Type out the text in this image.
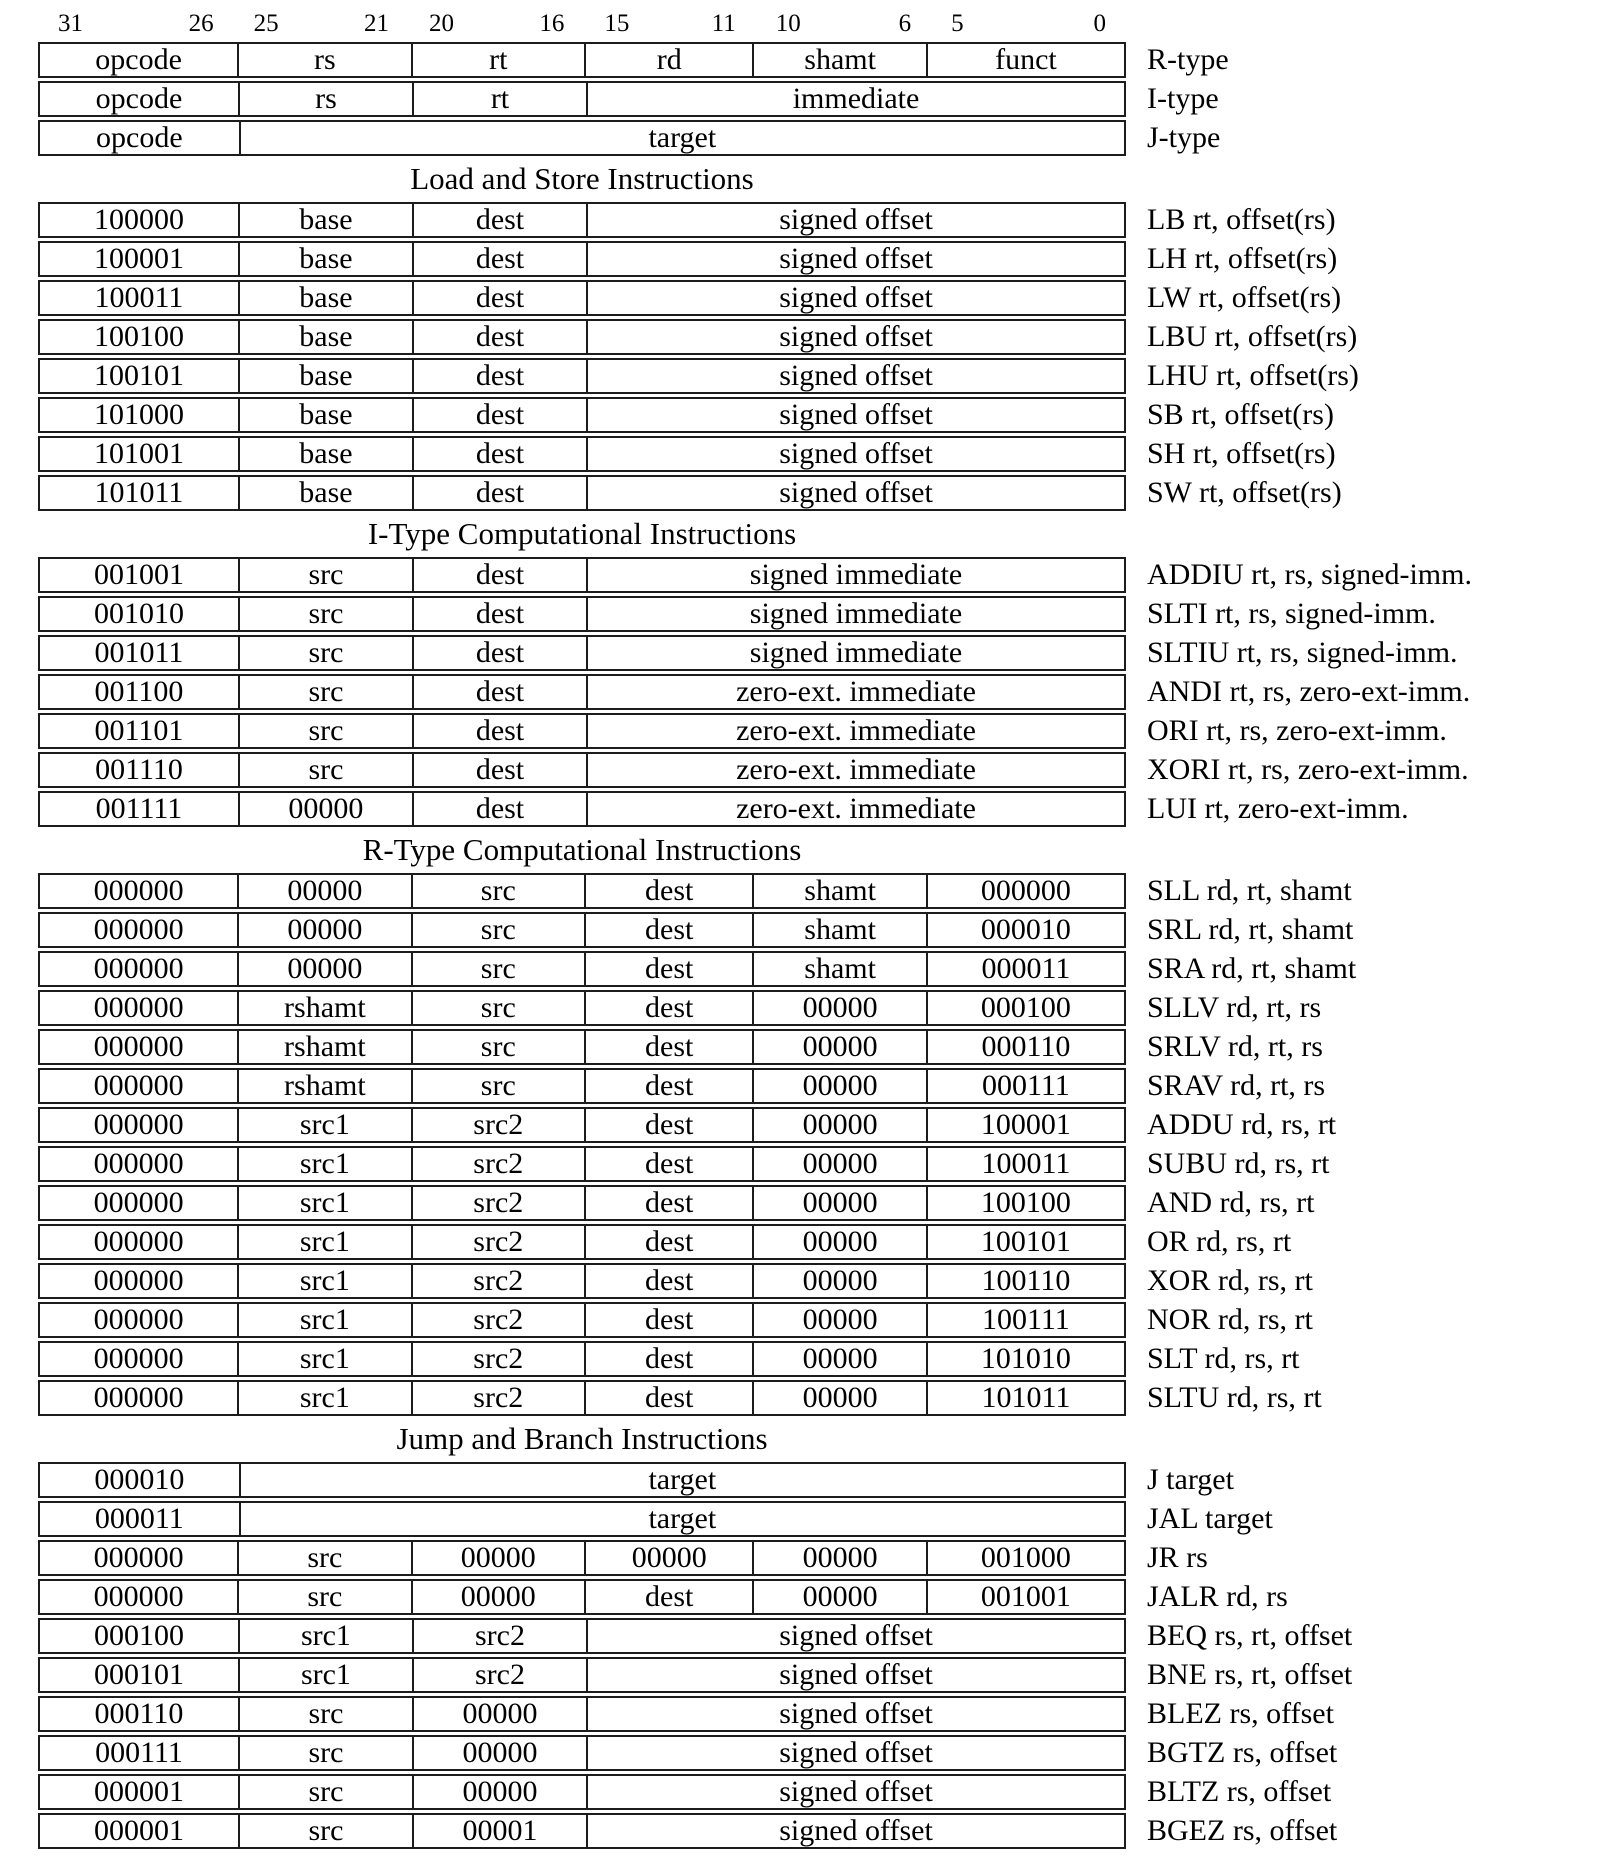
31	26 25	21 20	16 15	11 10	6 5	0
opcode	rs	rt	rd	shamt	funct	R-type
opcode	rs	rt	immediate	I-type
opcode	target	J-type
Load and Store Instructions
100000	base	dest	signed offset	LB rt, offset(rs)
100001	base	dest	signed offset	LH rt, offset(rs)
100011	base	dest	signed offset	LW rt, offset(rs)
100100	base	dest	signed offset	LBU rt, offset(rs)
100101	base	dest	signed offset	LHU rt, offset(rs)
101000	base	dest	signed offset	SB rt, offset(rs)
101001	base	dest	signed offset	SH rt, offset(rs)
101011	base	dest	signed offset	SW rt, offset(rs)
I-Type Computational Instructions
001001	src	dest	signed immediate	ADDIU rt, rs, signed-imm.
001010	src	dest	signed immediate	SLTI rt, rs, signed-imm.
001011	src	dest	signed immediate	SLTIU rt, rs, signed-imm.
001100	src	dest	zero-ext. immediate	ANDI rt, rs, zero-ext-imm.
001101	src	dest	zero-ext. immediate	ORI rt, rs, zero-ext-imm.
001110	src	dest	zero-ext. immediate	XORI rt, rs, zero-ext-imm.
001111	00000	dest	zero-ext. immediate	LUI rt, zero-ext-imm.
R-Type Computational Instructions
000000	00000	src	dest	shamt	000000	SLL rd, rt, shamt
000000	00000	src	dest	shamt	000010	SRL rd, rt, shamt
000000	00000	src	dest	shamt	000011	SRA rd, rt, shamt
000000	rshamt	src	dest	00000	000100	SLLV rd, rt, rs
000000	rshamt	src	dest	00000	000110	SRLV rd, rt, rs
000000	rshamt	src	dest	00000	000111	SRAV rd, rt, rs
000000	src1	src2	dest	00000	100001	ADDU rd, rs, rt
000000	src1	src2	dest	00000	100011	SUBU rd, rs, rt
000000	src1	src2	dest	00000	100100	AND rd, rs, rt
000000	src1	src2	dest	00000	100101	OR rd, rs, rt
000000	src1	src2	dest	00000	100110	XOR rd, rs, rt
000000	src1	src2	dest	00000	100111	NOR rd, rs, rt
000000	src1	src2	dest	00000	101010	SLT rd, rs, rt
000000	src1	src2	dest	00000	101011	SLTU rd, rs, rt
Jump and Branch Instructions
000010	target	J target
000011	target	JAL target
000000	src	00000	00000	00000	001000	JR rs
000000	src	00000	dest	00000	001001	JALR rd, rs
000100	src1	src2	signed offset	BEQ rs, rt, offset
000101	src1	src2	signed offset	BNE rs, rt, offset
000110	src	00000	signed offset	BLEZ rs, offset
000111	src	00000	signed offset	BGTZ rs, offset
000001	src	00000	signed offset	BLTZ rs, offset
000001	src	00001	signed offset	BGEZ rs, offset
